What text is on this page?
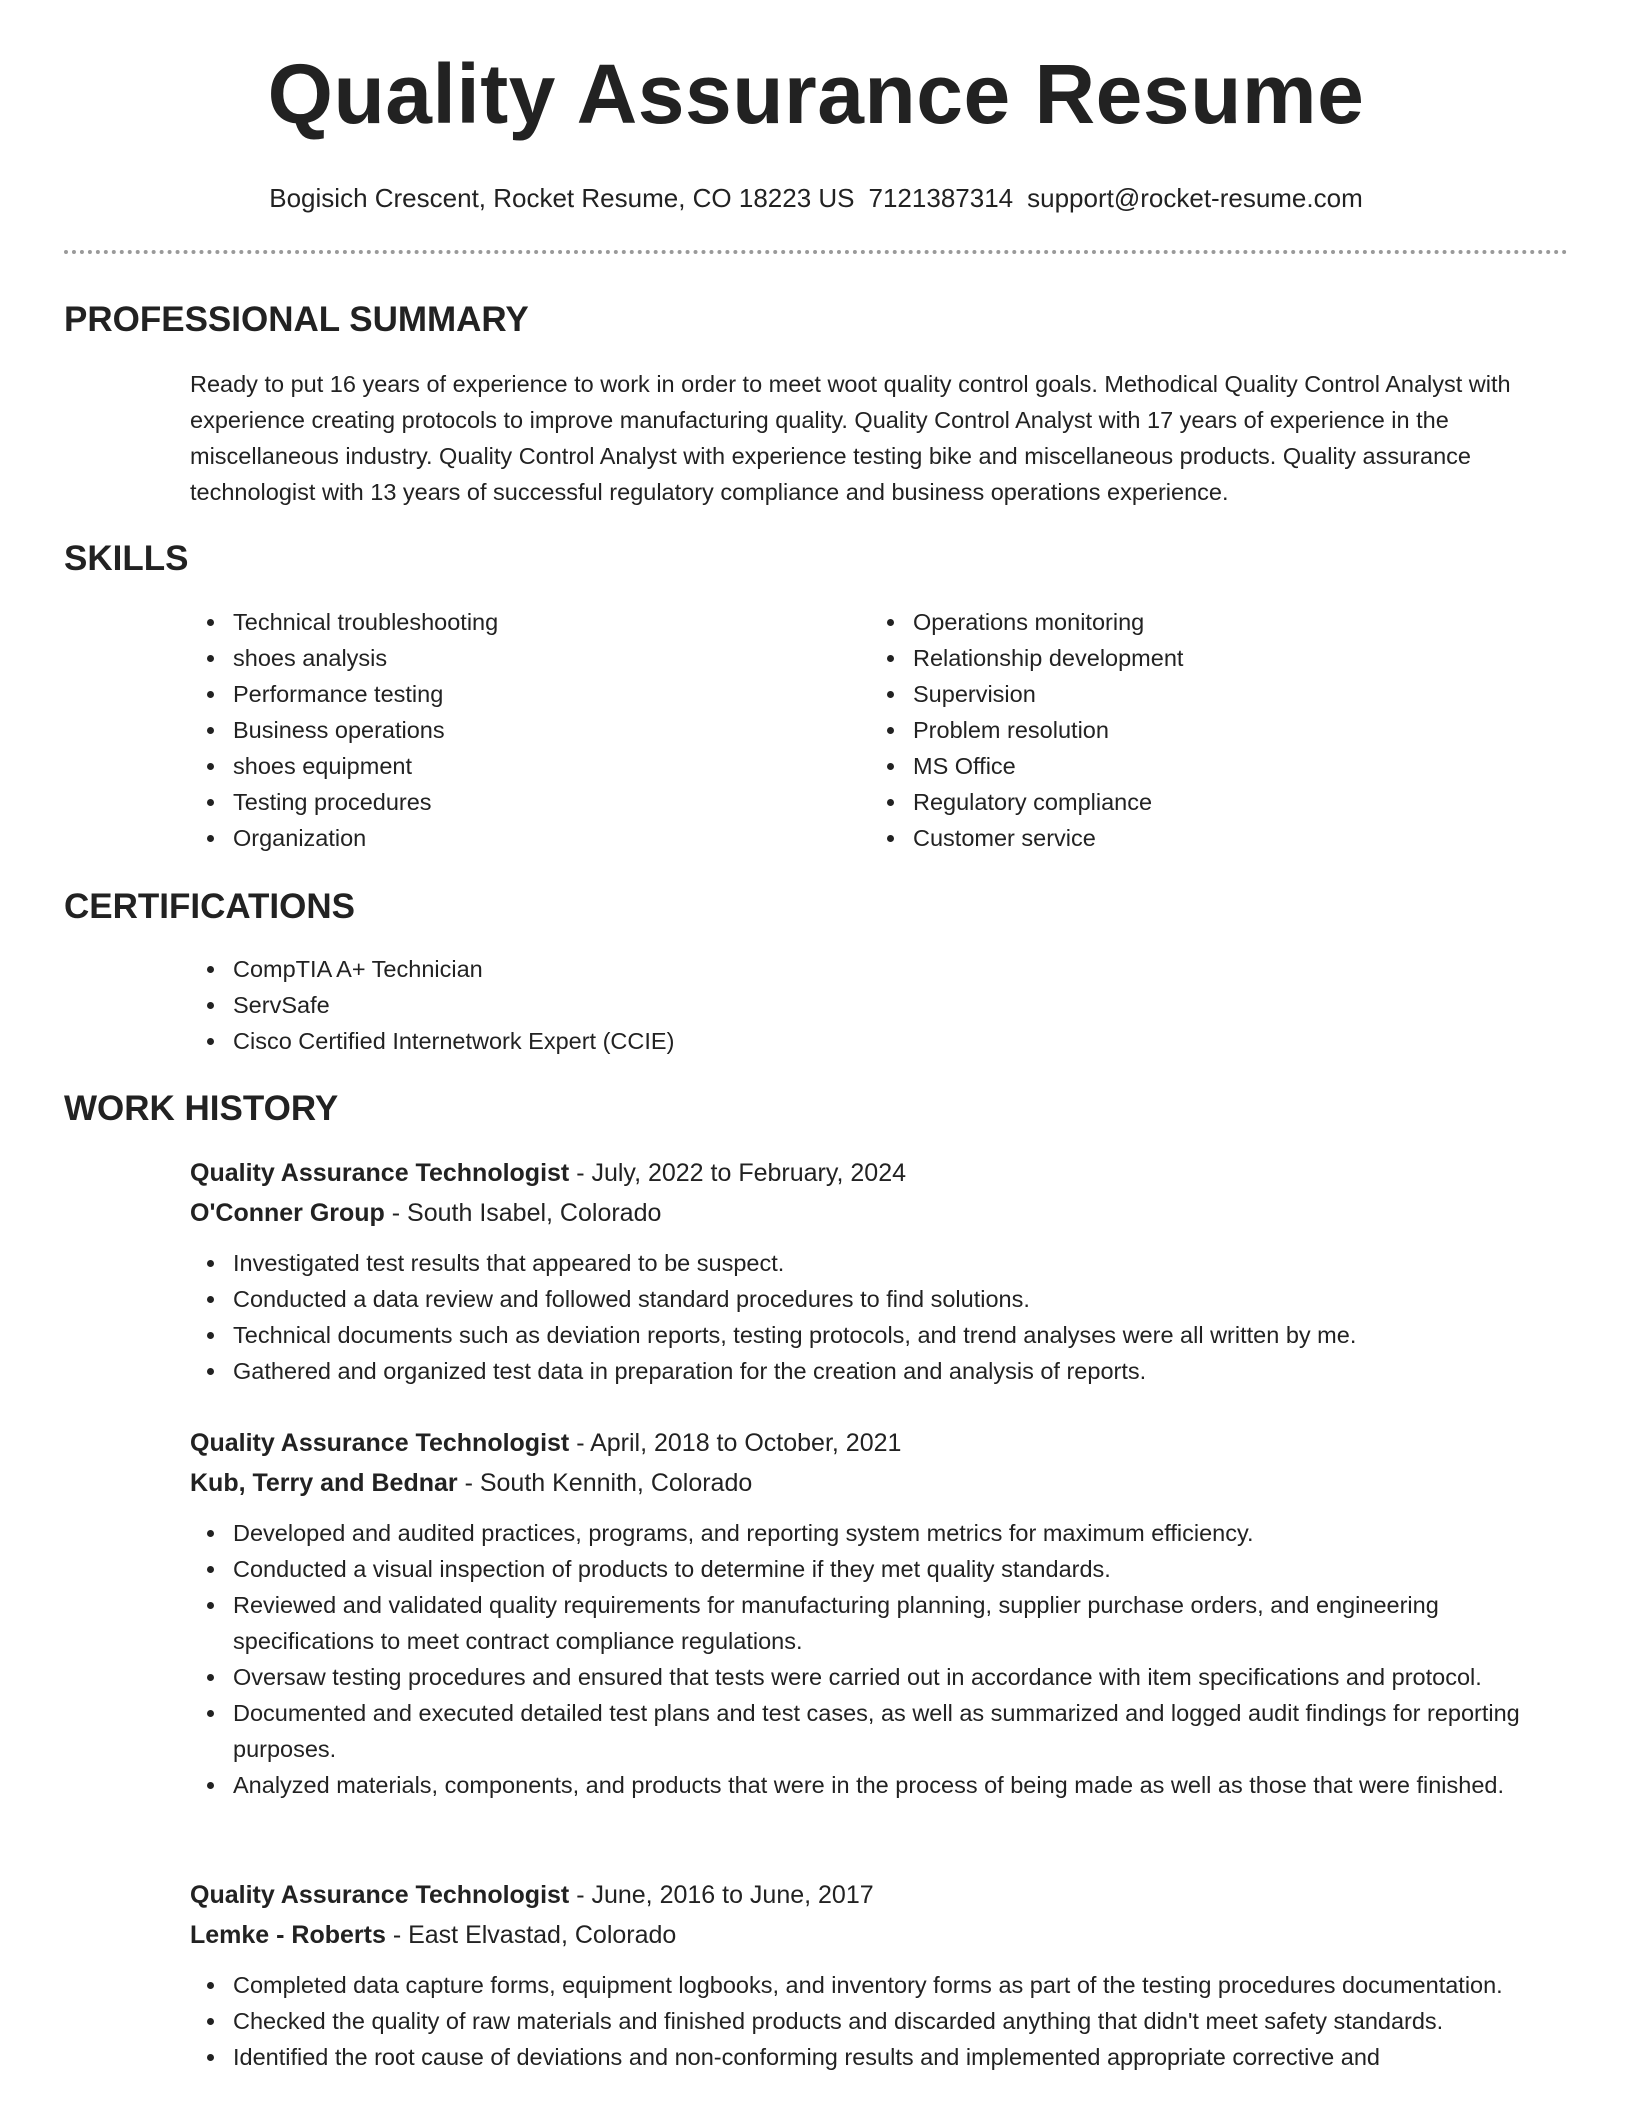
Quality Assurance Resume
Bogisich Crescent, Rocket Resume, CO 18223 US 7121387314 support@rocket-resume.com
PROFESSIONAL SUMMARY

Ready to put 16 years of experience to work in order to meet woot quality control goals. Methodical Quality Control Analyst with experience creating protocols to improve manufacturing quality. Quality Control Analyst with 17 years of experience in the miscellaneous industry. Quality Control Analyst with experience testing bike and miscellaneous products. Quality assurance technologist with 13 years of successful regulatory compliance and business operations experience.

SKILLS
Technical troubleshooting
shoes analysis
Performance testing
Business operations
shoes equipment
Testing procedures
Organization
Operations monitoring
Relationship development
Supervision
Problem resolution
MS Office
Regulatory compliance
Customer service
CERTIFICATIONS
CompTIA A+ Technician
ServSafe
Cisco Certified Internetwork Expert (CCIE)
WORK HISTORY
Quality Assurance Technologist - July, 2022 to February, 2024
O'Conner Group - South Isabel, Colorado
Investigated test results that appeared to be suspect.
Conducted a data review and followed standard procedures to find solutions.
Technical documents such as deviation reports, testing protocols, and trend analyses were all written by me.
Gathered and organized test data in preparation for the creation and analysis of reports.
Quality Assurance Technologist - April, 2018 to October, 2021
Kub, Terry and Bednar - South Kennith, Colorado
Developed and audited practices, programs, and reporting system metrics for maximum efficiency.
Conducted a visual inspection of products to determine if they met quality standards.
Reviewed and validated quality requirements for manufacturing planning, supplier purchase orders, and engineering specifications to meet contract compliance regulations.
Oversaw testing procedures and ensured that tests were carried out in accordance with item specifications and protocol.
Documented and executed detailed test plans and test cases, as well as summarized and logged audit findings for reporting purposes.
Analyzed materials, components, and products that were in the process of being made as well as those that were finished.
Quality Assurance Technologist - June, 2016 to June, 2017
Lemke - Roberts - East Elvastad, Colorado
Completed data capture forms, equipment logbooks, and inventory forms as part of the testing procedures documentation.
Checked the quality of raw materials and finished products and discarded anything that didn't meet safety standards.
Identified the root cause of deviations and non-conforming results and implemented appropriate corrective and
